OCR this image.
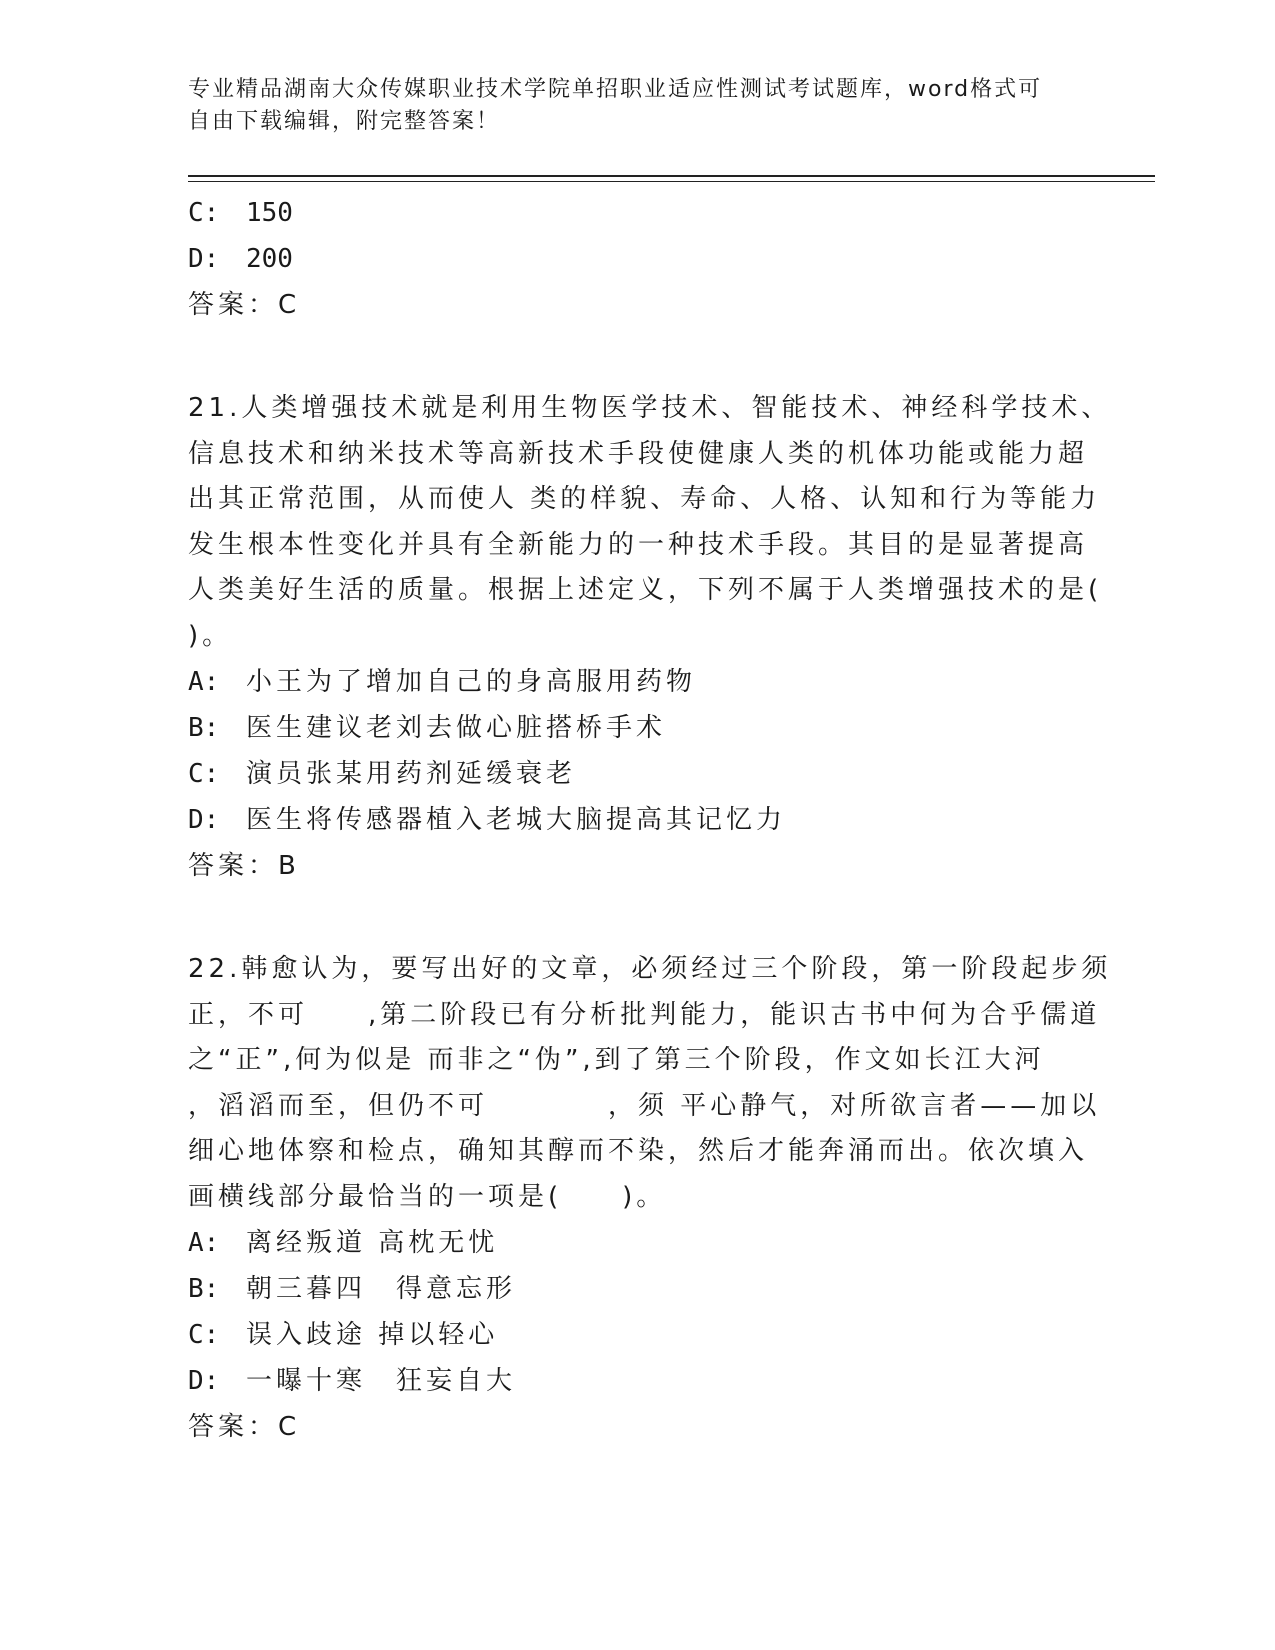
专业精品湖南大众传媒职业技术学院单招职业适应性测试考试题库，word格式可
自由下载编辑，附完整答案！
C: 150
D: 200
答案：C
21.人类增强技术就是利用生物医学技术、智能技术、神经科学技术、
信息技术和纳米技术等高新技术手段使健康人类的机体功能或能力超
出其正常范围，从而使人 类的样貌、寿命、人格、认知和行为等能力
发生根本性变化并具有全新能力的一种技术手段。其目的是显著提高
人类美好生活的质量。根据上述定义，下列不属于人类增强技术的是(
)。
A: 小王为了增加自己的身高服用药物
B: 医生建议老刘去做心脏搭桥手术
C: 演员张某用药剂延缓衰老
D: 医生将传感器植入老城大脑提高其记忆力
答案：B
22.韩愈认为，要写出好的文章，必须经过三个阶段，第一阶段起步须
正，不可　　,第二阶段已有分析批判能力，能识古书中何为合乎儒道
之“正”,何为似是 而非之“伪”,到了第三个阶段，作文如长江大河
，滔滔而至，但仍不可　　　　，须 平心静气，对所欲言者——加以
细心地体察和检点，确知其醇而不染，然后才能奔涌而出。依次填入
画横线部分最恰当的一项是(　　)。
A: 离经叛道 高枕无忧
B: 朝三暮四　得意忘形
C: 误入歧途 掉以轻心
D: 一曝十寒　狂妄自大
答案：C
